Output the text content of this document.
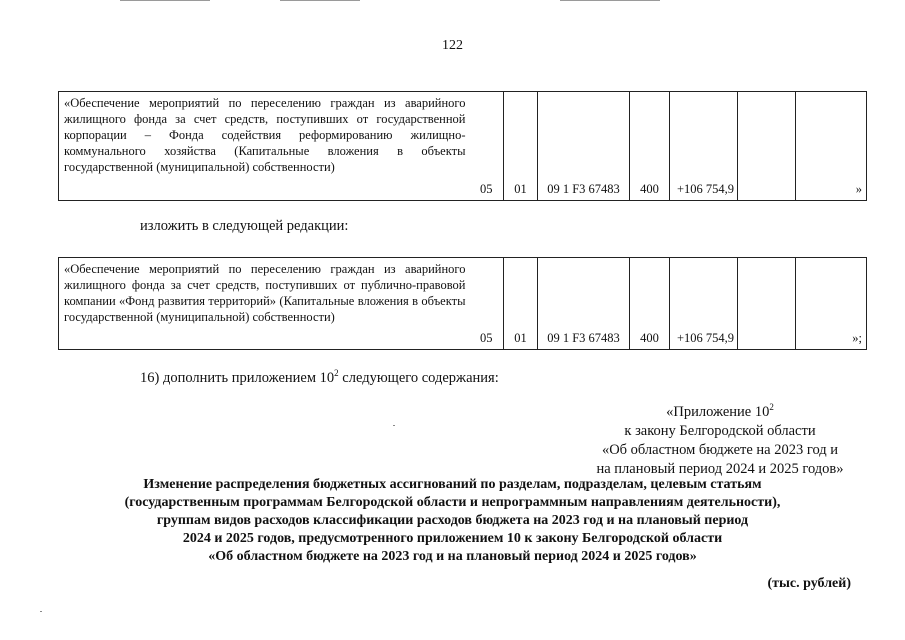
122
«Обеспечение мероприятий по переселению граждан из аварийного жилищного фонда за счет средств, поступивших от государственной корпорации – Фонда содействия реформированию жилищно-коммунального хозяйства (Капитальные вложения в объекты государственной (муниципальной) собственности)	05	01	09 1 F3 67483	400	+106 754,9		»
изложить в следующей редакции:
«Обеспечение мероприятий по переселению граждан из аварийного жилищного фонда за счет средств, поступивших от публично-правовой компании «Фонд развития территорий» (Капитальные вложения в объекты государственной (муниципальной) собственности)	05	01	09 1 F3 67483	400	+106 754,9		»;
16) дополнить приложением $10^2$ следующего содержания:
«Приложение $10^2$
к закону Белгородской области
«Об областном бюджете на 2023 год и
на плановый период 2024 и 2025 годов»
Изменение распределения бюджетных ассигнований по разделам, подразделам, целевым статьям
(государственным программам Белгородской области и непрограммным направлениям деятельности),
группам видов расходов классификации расходов бюджета на 2023 год и на плановый период
2024 и 2025 годов, предусмотренного приложением 10 к закону Белгородской области
«Об областном бюджете на 2023 год и на плановый период 2024 и 2025 годов»
(тыс. рублей)
